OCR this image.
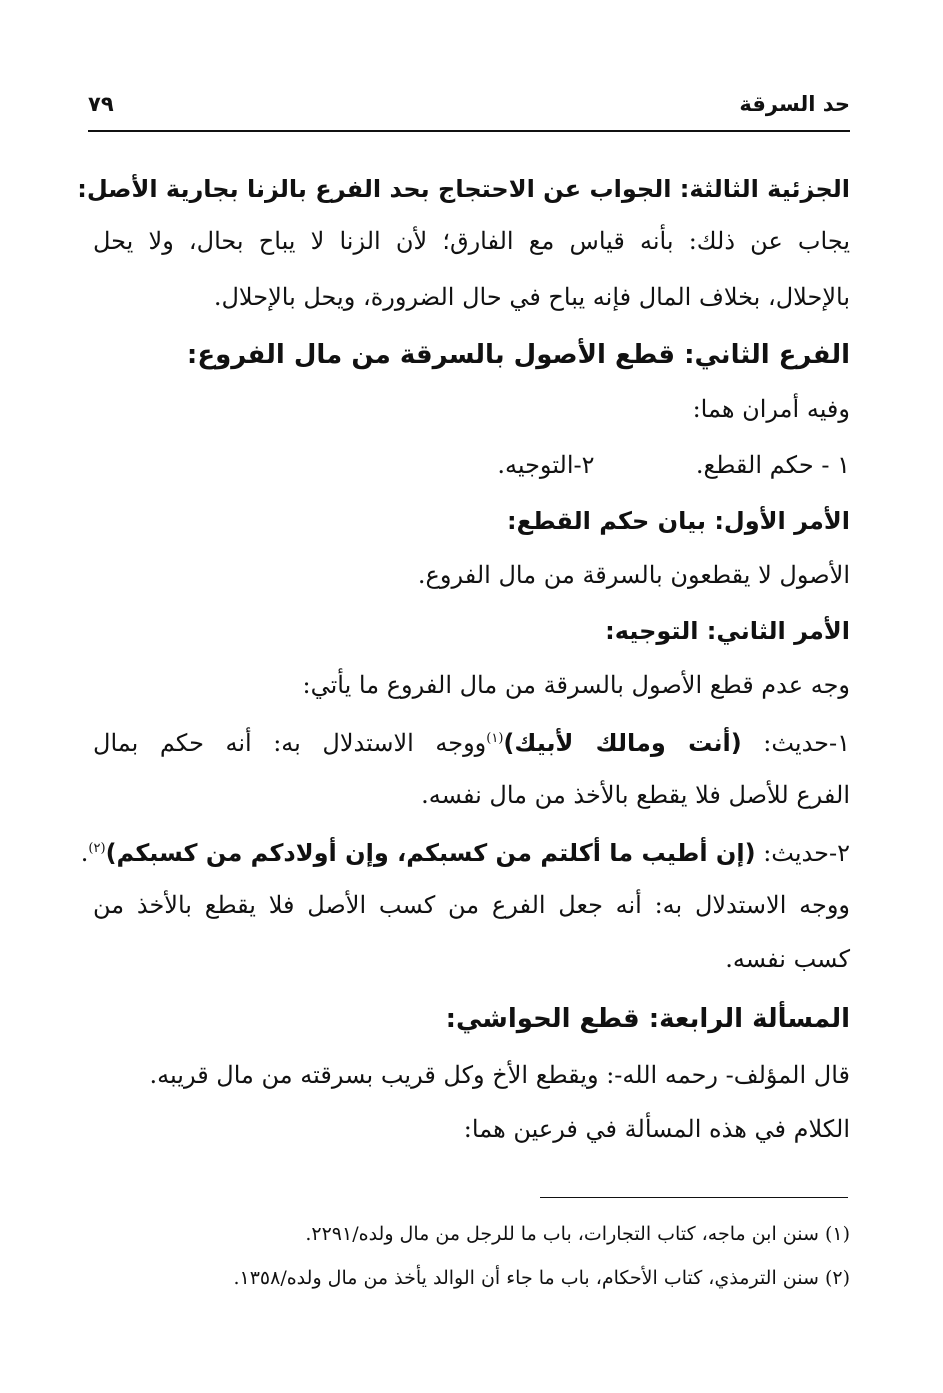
حد السرقة
٧٩
الجزئية الثالثة: الجواب عن الاحتجاج بحد الفرع بالزنا بجارية الأصل:
يجاب عن ذلك: بأنه قياس مع الفارق؛ لأن الزنا لا يباح بحال، ولا يحل
بالإحلال، بخلاف المال فإنه يباح في حال الضرورة، ويحل بالإحلال.
الفرع الثاني: قطع الأصول بالسرقة من مال الفروع:
وفيه أمران هما:
١ - حكم القطع.  ٢-التوجيه.
الأمر الأول: بيان حكم القطع:
الأصول لا يقطعون بالسرقة من مال الفروع.
الأمر الثاني: التوجيه:
وجه عدم قطع الأصول بالسرقة من مال الفروع ما يأتي:
١-حديث: (أنت ومالك لأبيك)$^{(١)}$ووجه الاستدلال به: أنه حكم بمال
الفرع للأصل فلا يقطع بالأخذ من مال نفسه.
٢-حديث: (إن أطيب ما أكلتم من كسبكم، وإن أولادكم من كسبكم)$^{(٢)}$.
ووجه الاستدلال به: أنه جعل الفرع من كسب الأصل فلا يقطع بالأخذ من
كسب نفسه.
المسألة الرابعة: قطع الحواشي:
قال المؤلف- رحمه الله-: ويقطع الأخ وكل قريب بسرقته من مال قريبه.
الكلام في هذه المسألة في فرعين هما:
(١) سنن ابن ماجه، كتاب التجارات، باب ما للرجل من مال ولده/٢٢٩١.
(٢) سنن الترمذي، كتاب الأحكام، باب ما جاء أن الوالد يأخذ من مال ولده/١٣٥٨.
